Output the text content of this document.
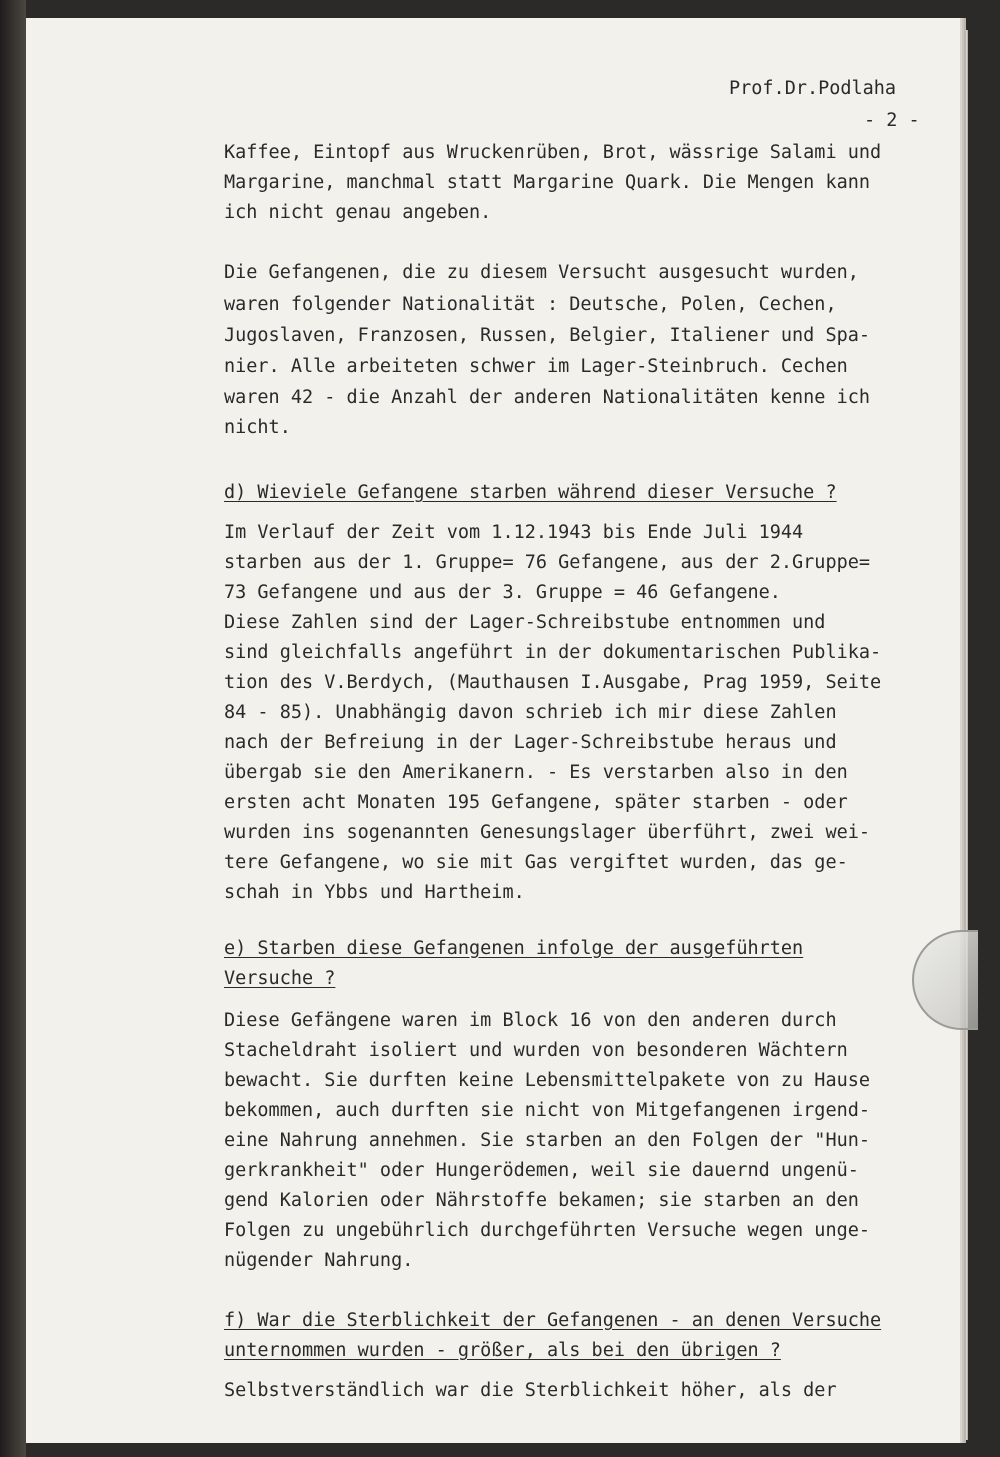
Prof.Dr.Podlaha

- 2 -

Kaffee, Eintopf aus Wruckenrüben, Brot, wässrige Salami und

Margarine, manchmal statt Margarine Quark. Die Mengen kann

ich nicht genau angeben.

Die Gefangenen, die zu diesem Versucht ausgesucht wurden,

waren folgender Nationalität : Deutsche, Polen, Cechen,

Jugoslaven, Franzosen, Russen, Belgier, Italiener und Spa-

nier. Alle arbeiteten schwer im Lager-Steinbruch. Cechen

waren 42 - die Anzahl der anderen Nationalitäten kenne ich

nicht.

d) Wieviele Gefangene starben während dieser Versuche ?

Im Verlauf der Zeit vom 1.12.1943 bis Ende Juli 1944

starben aus der 1. Gruppe= 76 Gefangene, aus der 2.Gruppe=

73 Gefangene und aus der 3. Gruppe = 46 Gefangene.

Diese Zahlen sind der Lager-Schreibstube entnommen und

sind gleichfalls angeführt in der dokumentarischen Publika-

tion des V.Berdych, (Mauthausen I.Ausgabe, Prag 1959, Seite

84 - 85). Unabhängig davon schrieb ich mir diese Zahlen

nach der Befreiung in der Lager-Schreibstube heraus und

übergab sie den Amerikanern. - Es verstarben also in den

ersten acht Monaten 195 Gefangene, später starben - oder

wurden ins sogenannten Genesungslager überführt, zwei wei-

tere Gefangene, wo sie mit Gas vergiftet wurden, das ge-

schah in Ybbs und Hartheim.

e) Starben diese Gefangenen infolge der ausgeführten

Versuche ?

Diese Gefängene waren im Block 16 von den anderen durch

Stacheldraht isoliert und wurden von besonderen Wächtern

bewacht. Sie durften keine Lebensmittelpakete von zu Hause

bekommen, auch durften sie nicht von Mitgefangenen irgend-

eine Nahrung annehmen. Sie starben an den Folgen der "Hun-

gerkrankheit" oder Hungerödemen, weil sie dauernd ungenü-

gend Kalorien oder Nährstoffe bekamen; sie starben an den

Folgen zu ungebührlich durchgeführten Versuche wegen unge-

nügender Nahrung.

f) War die Sterblichkeit der Gefangenen - an denen Versuche

unternommen wurden - größer, als bei den übrigen ?

Selbstverständlich war die Sterblichkeit höher, als der
